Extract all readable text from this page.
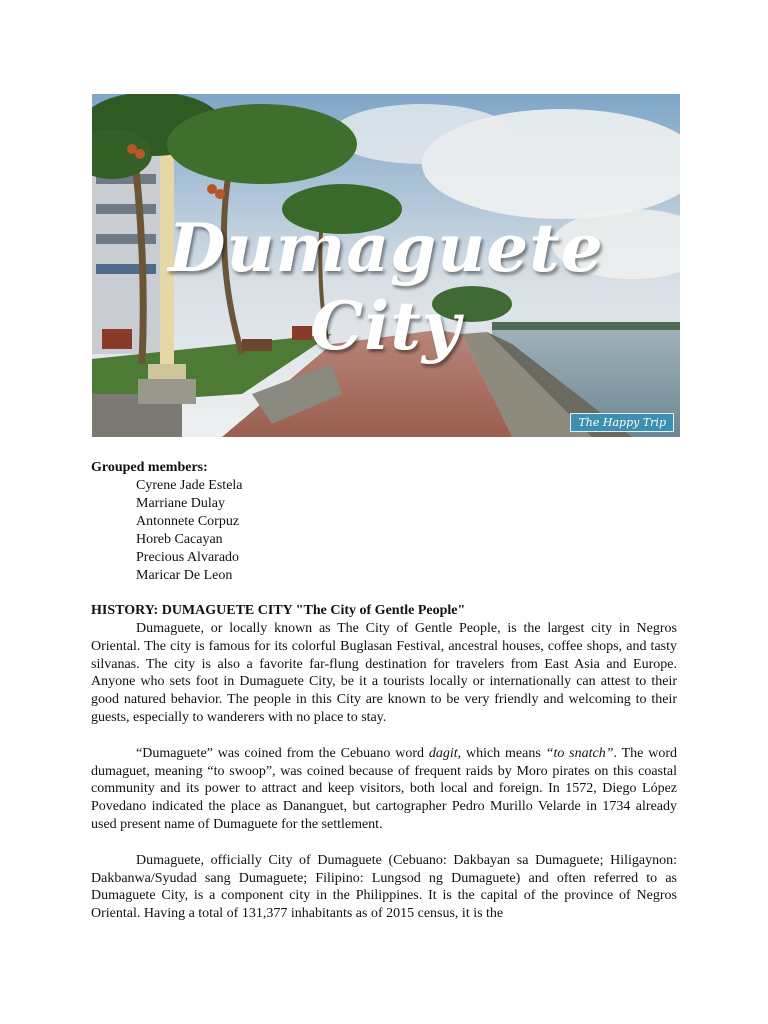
Dumaguete City
The Happy Trip
Grouped members:
Cyrene Jade Estela
Marriane Dulay
Antonnete Corpuz
Horeb Cacayan
Precious Alvarado
Maricar De Leon
HISTORY: DUMAGUETE CITY "The City of Gentle People"

Dumaguete, or locally known as The City of Gentle People, is the largest city in Negros Oriental. The city is famous for its colorful Buglasan Festival, ancestral houses, coffee shops, and tasty silvanas. The city is also a favorite far-flung destination for travelers from East Asia and Europe. Anyone who sets foot in Dumaguete City, be it a tourists locally or internationally can attest to their good natured behavior. The people in this City are known to be very friendly and welcoming to their guests, especially to wanderers with no place to stay.

“Dumaguete” was coined from the Cebuano word dagit, which means “to snatch”. The word dumaguet, meaning “to swoop”, was coined because of frequent raids by Moro pirates on this coastal community and its power to attract and keep visitors, both local and foreign. In 1572, Diego López Povedano indicated the place as Dananguet, but cartographer Pedro Murillo Velarde in 1734 already used present name of Dumaguete for the settlement.

Dumaguete, officially City of Dumaguete (Cebuano: Dakbayan sa Dumaguete; Hiligaynon: Dakbanwa/Syudad sang Dumaguete; Filipino: Lungsod ng Dumaguete) and often referred to as Dumaguete City, is a component city in the Philippines. It is the capital of the province of Negros Oriental. Having a total of 131,377 inhabitants as of 2015 census, it is the
